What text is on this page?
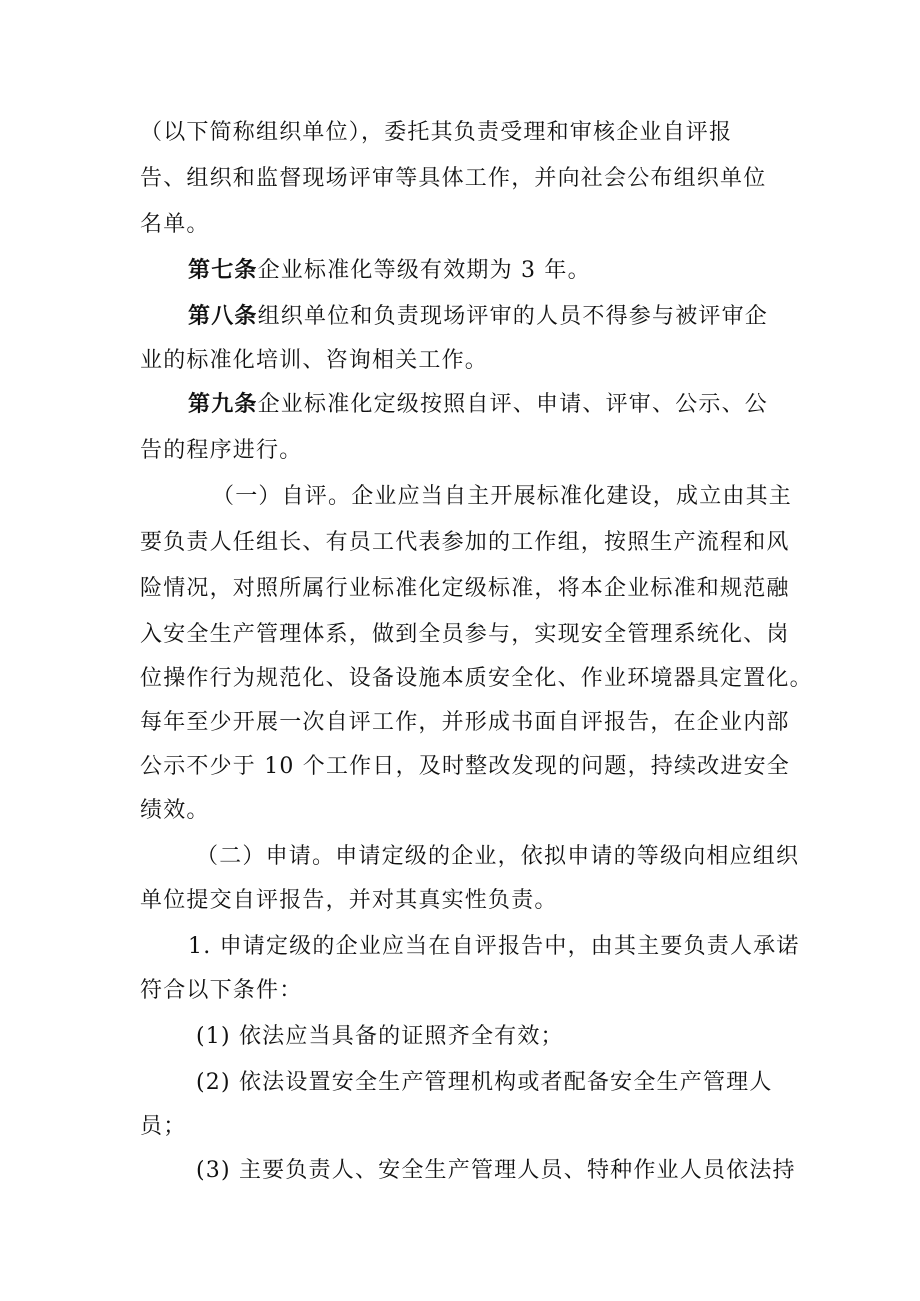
（以下简称组织单位），委托其负责受理和审核企业自评报
告、组织和监督现场评审等具体工作，并向社会公布组织单位
名单。
第七条企业标准化等级有效期为 3 年。
第八条组织单位和负责现场评审的人员不得参与被评审企
业的标准化培训、咨询相关工作。
第九条企业标准化定级按照自评、申请、评审、公示、公
告的程序进行。
（一）自评。企业应当自主开展标准化建设，成立由其主
要负责人任组长、有员工代表参加的工作组，按照生产流程和风
险情况，对照所属行业标准化定级标准，将本企业标准和规范融
入安全生产管理体系，做到全员参与，实现安全管理系统化、岗
位操作行为规范化、设备设施本质安全化、作业环境器具定置化。
每年至少开展一次自评工作，并形成书面自评报告，在企业内部
公示不少于 10 个工作日，及时整改发现的问题，持续改进安全
绩效。
（二）申请。申请定级的企业，依拟申请的等级向相应组织
单位提交自评报告，并对其真实性负责。
1. 申请定级的企业应当在自评报告中，由其主要负责人承诺
符合以下条件：
(1) 依法应当具备的证照齐全有效；
(2) 依法设置安全生产管理机构或者配备安全生产管理人
员；
(3) 主要负责人、安全生产管理人员、特种作业人员依法持
